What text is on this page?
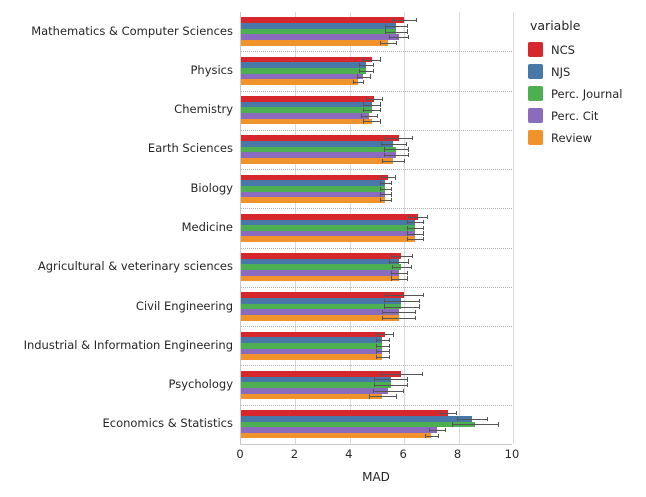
Mathematics & Computer Sciences
Physics
Chemistry
Earth Sciences
Biology
Medicine
Agricultural & veterinary sciences
Civil Engineering
Industrial & Information Engineering
Psychology
Economics & Statistics
0	2	4	6	8	10
MAD
variable
NCS
NJS
Perc. Journal
Perc. Cit
Review
